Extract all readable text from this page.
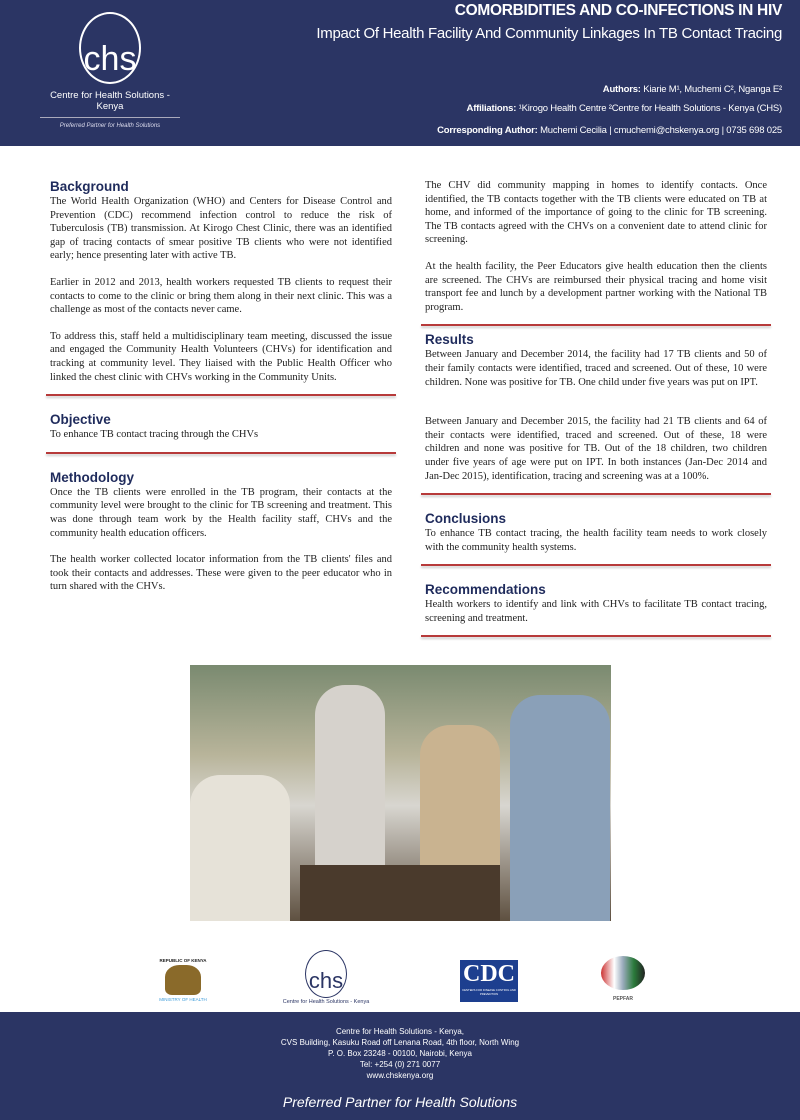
chs
Centre for Health Solutions - Kenya
Preferred Partner for Health Solutions
COMORBIDITIES AND CO-INFECTIONS IN HIV
Impact Of Health Facility And Community Linkages In TB Contact Tracing
Authors: Kiarie M¹, Muchemi C², Nganga E²
Affiliations: ¹Kirogo Health Centre ²Centre for Health Solutions - Kenya (CHS)
Corresponding Author: Muchemi Cecilia | cmuchemi@chskenya.org | 0735 698 025
Background

The World Health Organization (WHO) and Centers for Disease Control and Prevention (CDC) recommend infection control to reduce the risk of Tuberculosis (TB) transmission. At Kirogo Chest Clinic, there was an identified gap of tracing contacts of smear positive TB clients who were not identified early; hence presenting later with active TB.

Earlier in 2012 and 2013, health workers requested TB clients to request their contacts to come to the clinic or bring them along in their next clinic. This was a challenge as most of the contacts never came.

To address this, staff held a multidisciplinary team meeting, discussed the issue and engaged the Community Health Volunteers (CHVs) for identification and tracking at community level. They liaised with the Public Health Officer who linked the chest clinic with CHVs working in the Community Units.

Objective

To enhance TB contact tracing through the CHVs

Methodology

Once the TB clients were enrolled in the TB program, their contacts at the community level were brought to the clinic for TB screening and treatment. This was done through team work by the Health facility staff, CHVs and the community health education officers.

The health worker collected locator information from the TB clients' files and took their contacts and addresses. These were given to the peer educator who in turn shared with the CHVs.

The CHV did community mapping in homes to identify contacts. Once identified, the TB contacts together with the TB clients were educated on TB at home, and informed of the importance of going to the clinic for TB screening. The TB contacts agreed with the CHVs on a convenient date to attend clinic for screening.

At the health facility, the Peer Educators give health education then the clients are screened. The CHVs are reimbursed their physical tracing and home visit transport fee and lunch by a development partner working with the National TB program.

Results

Between January and December 2014, the facility had 17 TB clients and 50 of their family contacts were identified, traced and screened. Out of these, 10 were children. None was positive for TB. One child under five years was put on IPT.

Between January and December 2015, the facility had 21 TB clients and 64 of their contacts were identified, traced and screened. Out of these, 18 were children and none was positive for TB. Out of the 18 children, two children under five years of age were put on IPT. In both instances (Jan-Dec 2014 and Jan-Dec 2015), identification, tracing and screening was at a 100%.

Conclusions

To enhance TB contact tracing, the health facility team needs to work closely with the community health systems.

Recommendations

Health workers to identify and link with CHVs to facilitate TB contact tracing, screening and treatment.

REPUBLIC OF KENYA
MINISTRY OF HEALTH
chs
Centre for Health Solutions - Kenya
CDC
CENTERS FOR DISEASE CONTROL AND PREVENTION
PEPFAR
Centre for Health Solutions - Kenya,
CVS Building, Kasuku Road off Lenana Road, 4th floor, North Wing
P. O. Box 23248 - 00100, Nairobi, Kenya
Tel: +254 (0) 271 0077
www.chskenya.org
Preferred Partner for Health Solutions
